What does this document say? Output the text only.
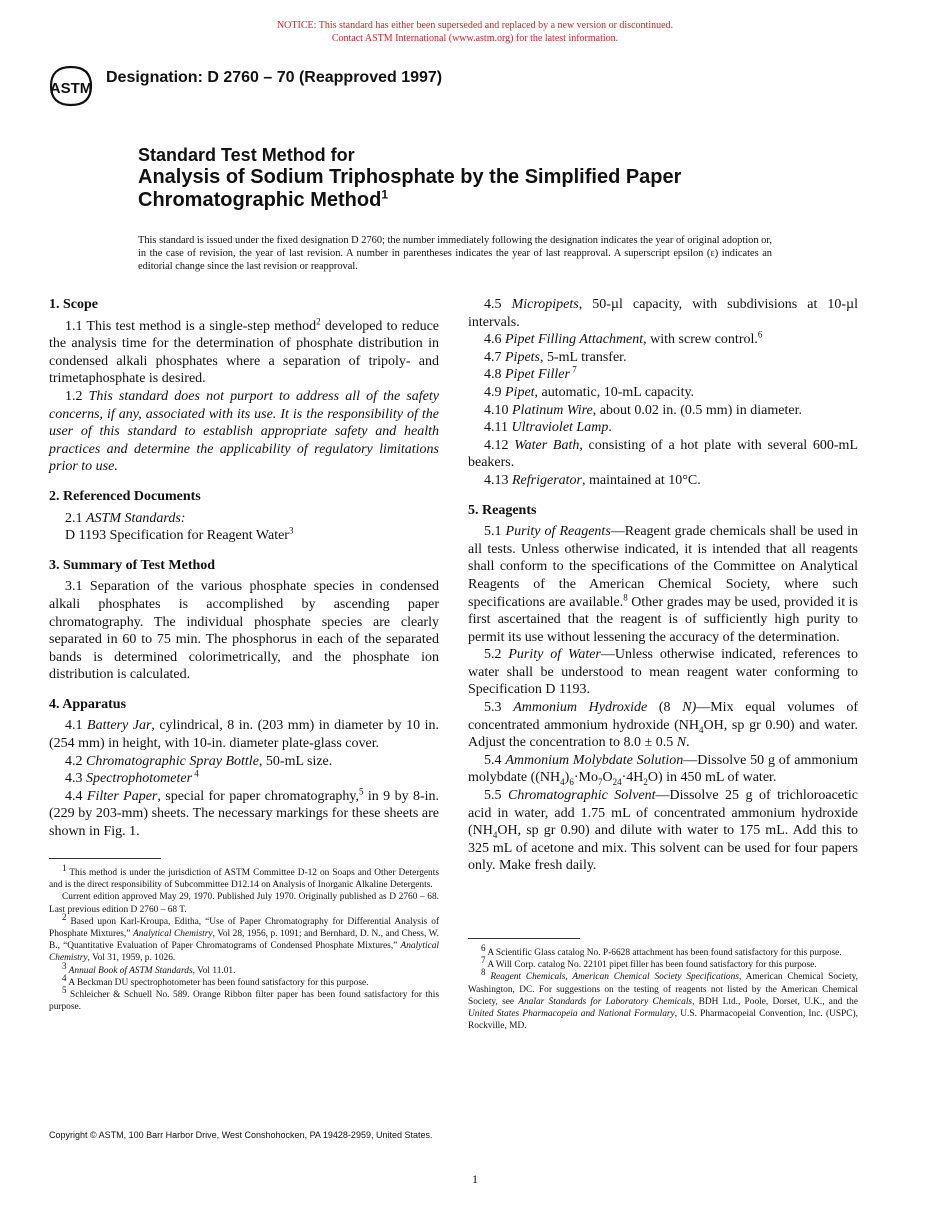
NOTICE: This standard has either been superseded and replaced by a new version or discontinued.
Contact ASTM International (www.astm.org) for the latest information.
ASTM
Designation: D 2760 – 70 (Reapproved 1997)
Standard Test Method for
Analysis of Sodium Triphosphate by the Simplified Paper
Chromatographic Method$^1$
This standard is issued under the fixed designation D 2760; the number immediately following the designation indicates the year of original adoption or, in the case of revision, the year of last revision. A number in parentheses indicates the year of last reapproval. A superscript epsilon (ε) indicates an editorial change since the last revision or reapproval.

1. Scope

1.1 This test method is a single-step method$^2$ developed to reduce the analysis time for the determination of phosphate distribution in condensed alkali phosphates where a separation of tripoly- and trimetaphosphate is desired.

1.2 This standard does not purport to address all of the safety concerns, if any, associated with its use. It is the responsibility of the user of this standard to establish appropriate safety and health practices and determine the applicability of regulatory limitations prior to use.

2. Referenced Documents

2.1 ASTM Standards:

D 1193 Specification for Reagent Water$^3$

3. Summary of Test Method

3.1 Separation of the various phosphate species in condensed alkali phosphates is accomplished by ascending paper chromatography. The individual phosphate species are clearly separated in 60 to 75 min. The phosphorus in each of the separated bands is determined colorimetrically, and the phosphate ion distribution is calculated.

4. Apparatus

4.1 Battery Jar, cylindrical, 8 in. (203 mm) in diameter by 10 in. (254 mm) in height, with 10-in. diameter plate-glass cover.

4.2 Chromatographic Spray Bottle, 50-mL size.

4.3 Spectrophotometer $^4$

4.4 Filter Paper, special for paper chromatography,$^5$ in 9 by 8-in. (229 by 203-mm) sheets. The necessary markings for these sheets are shown in Fig. 1.

$^1$ This method is under the jurisdiction of ASTM Committee D-12 on Soaps and Other Detergents and is the direct responsibility of Subcommittee D12.14 on Analysis of Inorganic Alkaline Detergents.

Current edition approved May 29, 1970. Published July 1970. Originally published as D 2760 – 68. Last previous edition D 2760 – 68 T.

$^2$ Based upon Karl-Kroupa, Editha, “Use of Paper Chromatography for Differential Analysis of Phosphate Mixtures,” Analytical Chemistry, Vol 28, 1956, p. 1091; and Bernhard, D. N., and Chess, W. B., “Quantitative Evaluation of Paper Chromatograms of Condensed Phosphate Mixtures,” Analytical Chemistry, Vol 31, 1959, p. 1026.

$^3$ Annual Book of ASTM Standards, Vol 11.01.

$^4$ A Beckman DU spectrophotometer has been found satisfactory for this purpose.

$^5$ Schleicher & Schuell No. 589. Orange Ribbon filter paper has been found satisfactory for this purpose.

4.5 Micropipets, 50-µl capacity, with subdivisions at 10-µl intervals.

4.6 Pipet Filling Attachment, with screw control.$^6$

4.7 Pipets, 5-mL transfer.

4.8 Pipet Filler $^7$

4.9 Pipet, automatic, 10-mL capacity.

4.10 Platinum Wire, about 0.02 in. (0.5 mm) in diameter.

4.11 Ultraviolet Lamp.

4.12 Water Bath, consisting of a hot plate with several 600-mL beakers.

4.13 Refrigerator, maintained at 10°C.

5. Reagents

5.1 Purity of Reagents—Reagent grade chemicals shall be used in all tests. Unless otherwise indicated, it is intended that all reagents shall conform to the specifications of the Committee on Analytical Reagents of the American Chemical Society, where such specifications are available.$^8$ Other grades may be used, provided it is first ascertained that the reagent is of sufficiently high purity to permit its use without lessening the accuracy of the determination.

5.2 Purity of Water—Unless otherwise indicated, references to water shall be understood to mean reagent water conforming to Specification D 1193.

5.3 Ammonium Hydroxide (8 N)—Mix equal volumes of concentrated ammonium hydroxide ($NH_4OH$, sp gr 0.90) and water. Adjust the concentration to 8.0 ± 0.5 N.

5.4 Ammonium Molybdate Solution—Dissolve 50 g of ammonium molybdate $((NH_4)_6\cdot Mo_7O_{24}\cdot 4H_2O)$ in 450 mL of water.

5.5 Chromatographic Solvent—Dissolve 25 g of trichloroacetic acid in water, add 1.75 mL of concentrated ammonium hydroxide ($NH_4OH$, sp gr 0.90) and dilute with water to 175 mL. Add this to 325 mL of acetone and mix. This solvent can be used for four papers only. Make fresh daily.

$^6$ A Scientific Glass catalog No. P-6628 attachment has been found satisfactory for this purpose.

$^7$ A Will Corp. catalog No. 22101 pipet filler has been found satisfactory for this purpose.

$^8$ Reagent Chemicals, American Chemical Society Specifications, American Chemical Society, Washington, DC. For suggestions on the testing of reagents not listed by the American Chemical Society, see Analar Standards for Laboratory Chemicals, BDH Ltd., Poole, Dorset, U.K., and the United States Pharmacopeia and National Formulary, U.S. Pharmacopeial Convention, Inc. (USPC), Rockville, MD.

Copyright © ASTM, 100 Barr Harbor Drive, West Conshohocken, PA 19428-2959, United States.
1
